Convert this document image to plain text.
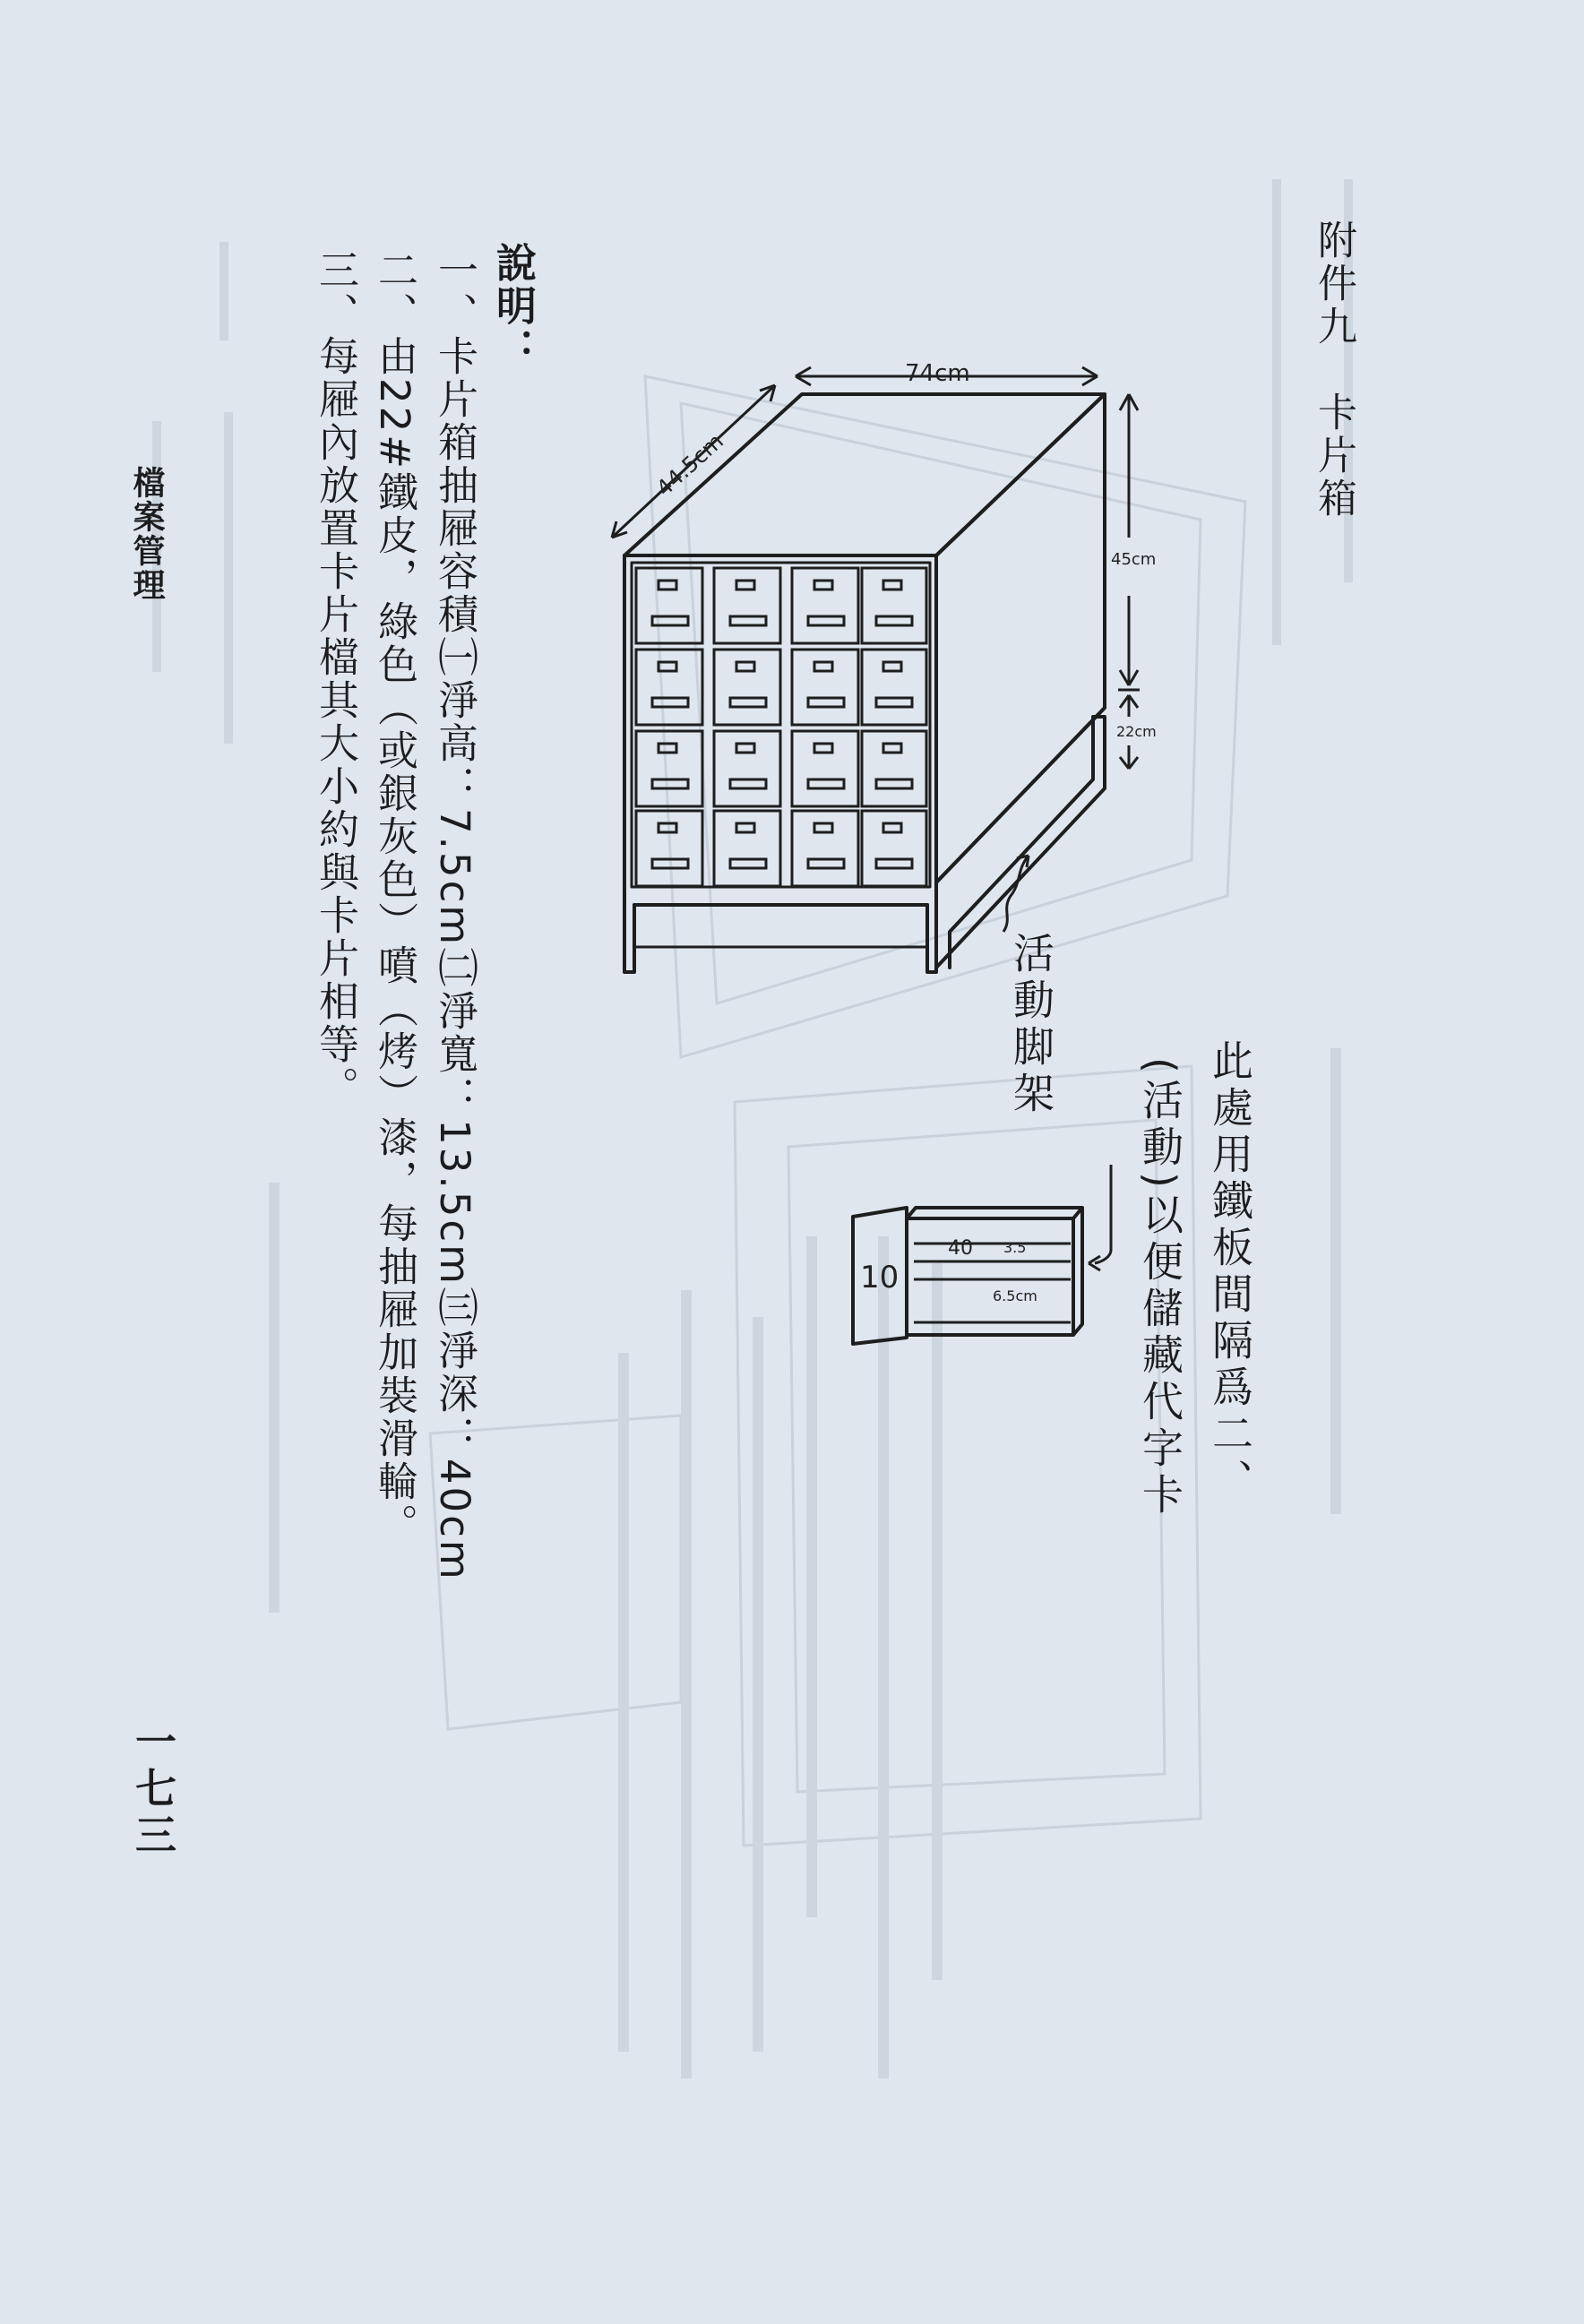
附件九　卡片箱
74cm
44.5cm
45cm
22cm
10
40 3.5
6.5cm
活動脚架
此處用鐵板間隔爲二、
(活動)以便儲藏代字卡
說明：
一、卡片箱抽屜容積㈠淨高：7.5cm㈡淨寬：13.5cm㈢淨深：40cm
二、由22#鐵皮，綠色（或銀灰色）噴（烤）漆，每抽屜加裝滑輪。
三、每屜內放置卡片檔其大小約與卡片相等。
檔案管理
一七三
